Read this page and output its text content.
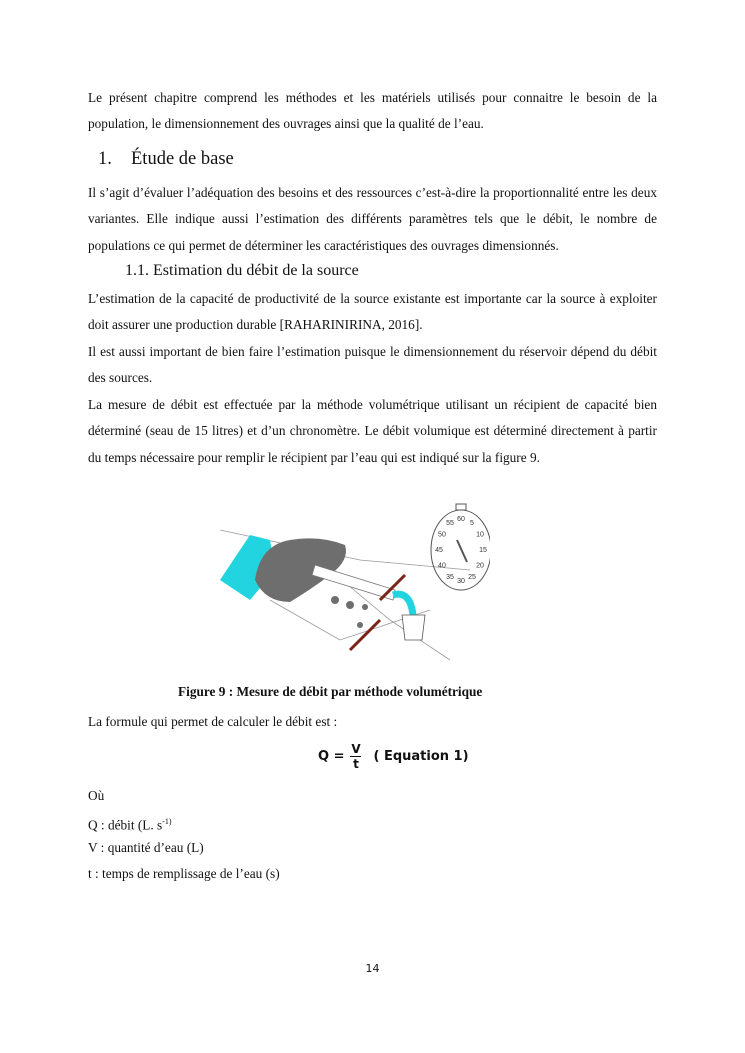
Le présent chapitre comprend les méthodes et les matériels utilisés pour connaitre le besoin de la population, le dimensionnement des ouvrages ainsi que la qualité de l’eau.
1. Étude de base
Il s’agit d’évaluer l’adéquation des besoins et des ressources c’est-à-dire la proportionnalité entre les deux variantes. Elle indique aussi l’estimation des différents paramètres tels que le débit, le nombre de populations ce qui permet de déterminer les caractéristiques des ouvrages dimensionnés.
1.1. Estimation du débit de la source
L’estimation de la capacité de productivité de la source existante est importante car la source à exploiter doit assurer une production durable [RAHARINIRINA, 2016].
Il est aussi important de bien faire l’estimation puisque le dimensionnement du réservoir dépend du débit des sources.
La mesure de débit est effectuée par la méthode volumétrique utilisant un récipient de capacité bien déterminé (seau de 15 litres) et d’un chronomètre. Le débit volumique est déterminé directement à partir du temps nécessaire pour remplir le récipient par l’eau qui est indiqué sur la figure 9.
60
5
10
15
20
25
30
35
40
45
50
55
Figure 9 : Mesure de débit par méthode volumétrique
La formule qui permet de calculer le débit est :
$Q = \frac{V}{t}$ ( Equation 1)
Où
Q : débit (L. $s^{-1)}$
V : quantité d’eau (L)
t : temps de remplissage de l’eau (s)
14
